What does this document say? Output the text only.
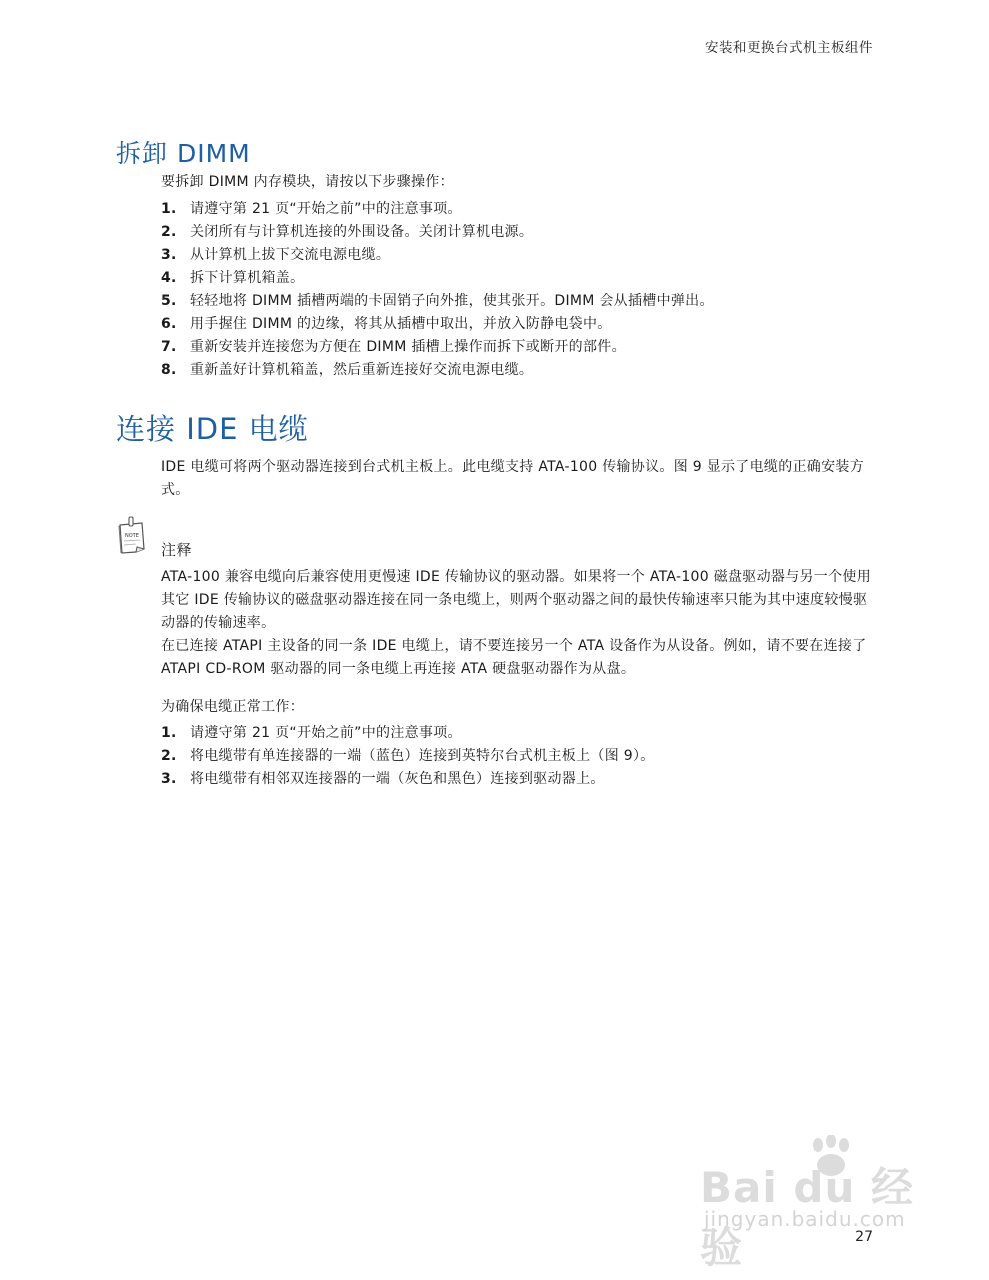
安装和更换台式机主板组件
拆卸 DIMM

要拆卸 DIMM 内存模块，请按以下步骤操作：

1. 请遵守第 21 页“开始之前”中的注意事项。
2. 关闭所有与计算机连接的外围设备。关闭计算机电源。
3. 从计算机上拔下交流电源电缆。
4. 拆下计算机箱盖。
5. 轻轻地将 DIMM 插槽两端的卡固销子向外推，使其张开。DIMM 会从插槽中弹出。
6. 用手握住 DIMM 的边缘，将其从插槽中取出，并放入防静电袋中。
7. 重新安装并连接您为方便在 DIMM 插槽上操作而拆下或断开的部件。
8. 重新盖好计算机箱盖，然后重新连接好交流电源电缆。
连接 IDE 电缆

IDE 电缆可将两个驱动器连接到台式机主板上。此电缆支持 ATA-100 传输协议。图 9 显示了电缆的正确安装方式。

NOTE
注释

ATA-100 兼容电缆向后兼容使用更慢速 IDE 传输协议的驱动器。如果将一个 ATA-100 磁盘驱动器与另一个使用其它 IDE 传输协议的磁盘驱动器连接在同一条电缆上，则两个驱动器之间的最快传输速率只能为其中速度较慢驱动器的传输速率。

在已连接 ATAPI 主设备的同一条 IDE 电缆上，请不要连接另一个 ATA 设备作为从设备。例如，请不要在连接了 ATAPI CD-ROM 驱动器的同一条电缆上再连接 ATA 硬盘驱动器作为从盘。

为确保电缆正常工作：

1. 请遵守第 21 页“开始之前”中的注意事项。
2. 将电缆带有单连接器的一端（蓝色）连接到英特尔台式机主板上（图 9）。
3. 将电缆带有相邻双连接器的一端（灰色和黑色）连接到驱动器上。
Bai du 经验
jingyan.baidu.com
27
